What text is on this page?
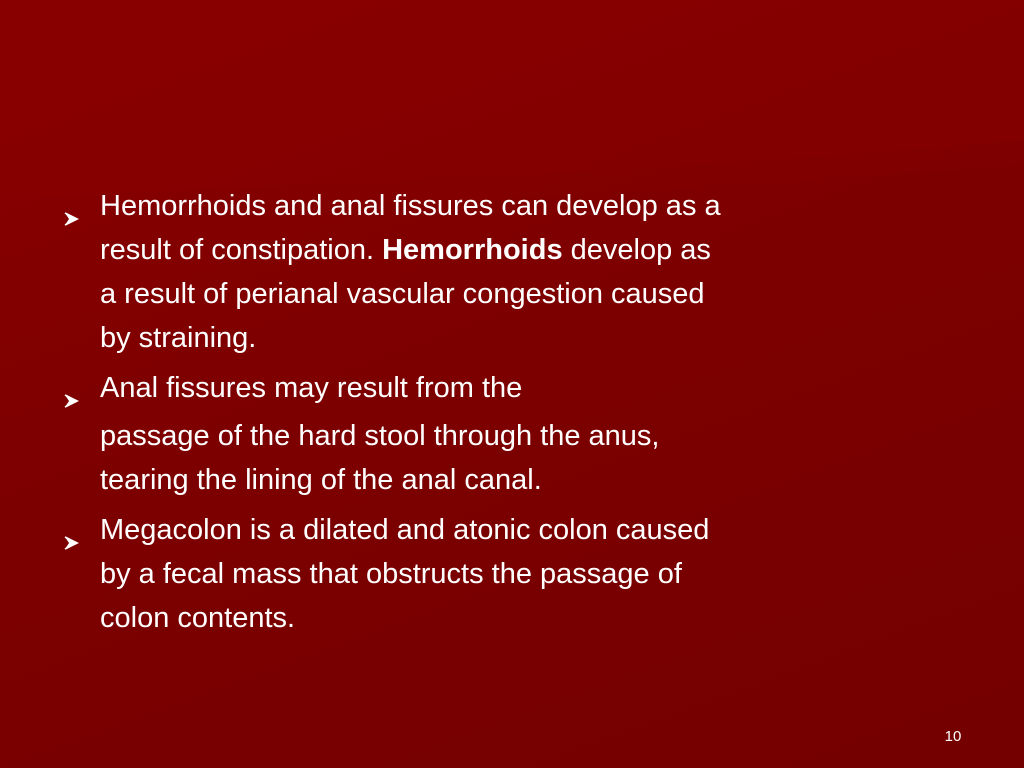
Hemorrhoids and anal fissures can develop as a
result of constipation. Hemorrhoids develop as
a result of perianal vascular congestion caused
by straining.
Anal fissures may result from the
passage of the hard stool through the anus,
tearing the lining of the anal canal.
Megacolon is a dilated and atonic colon caused
by a fecal mass that obstructs the passage of
colon contents.
10
